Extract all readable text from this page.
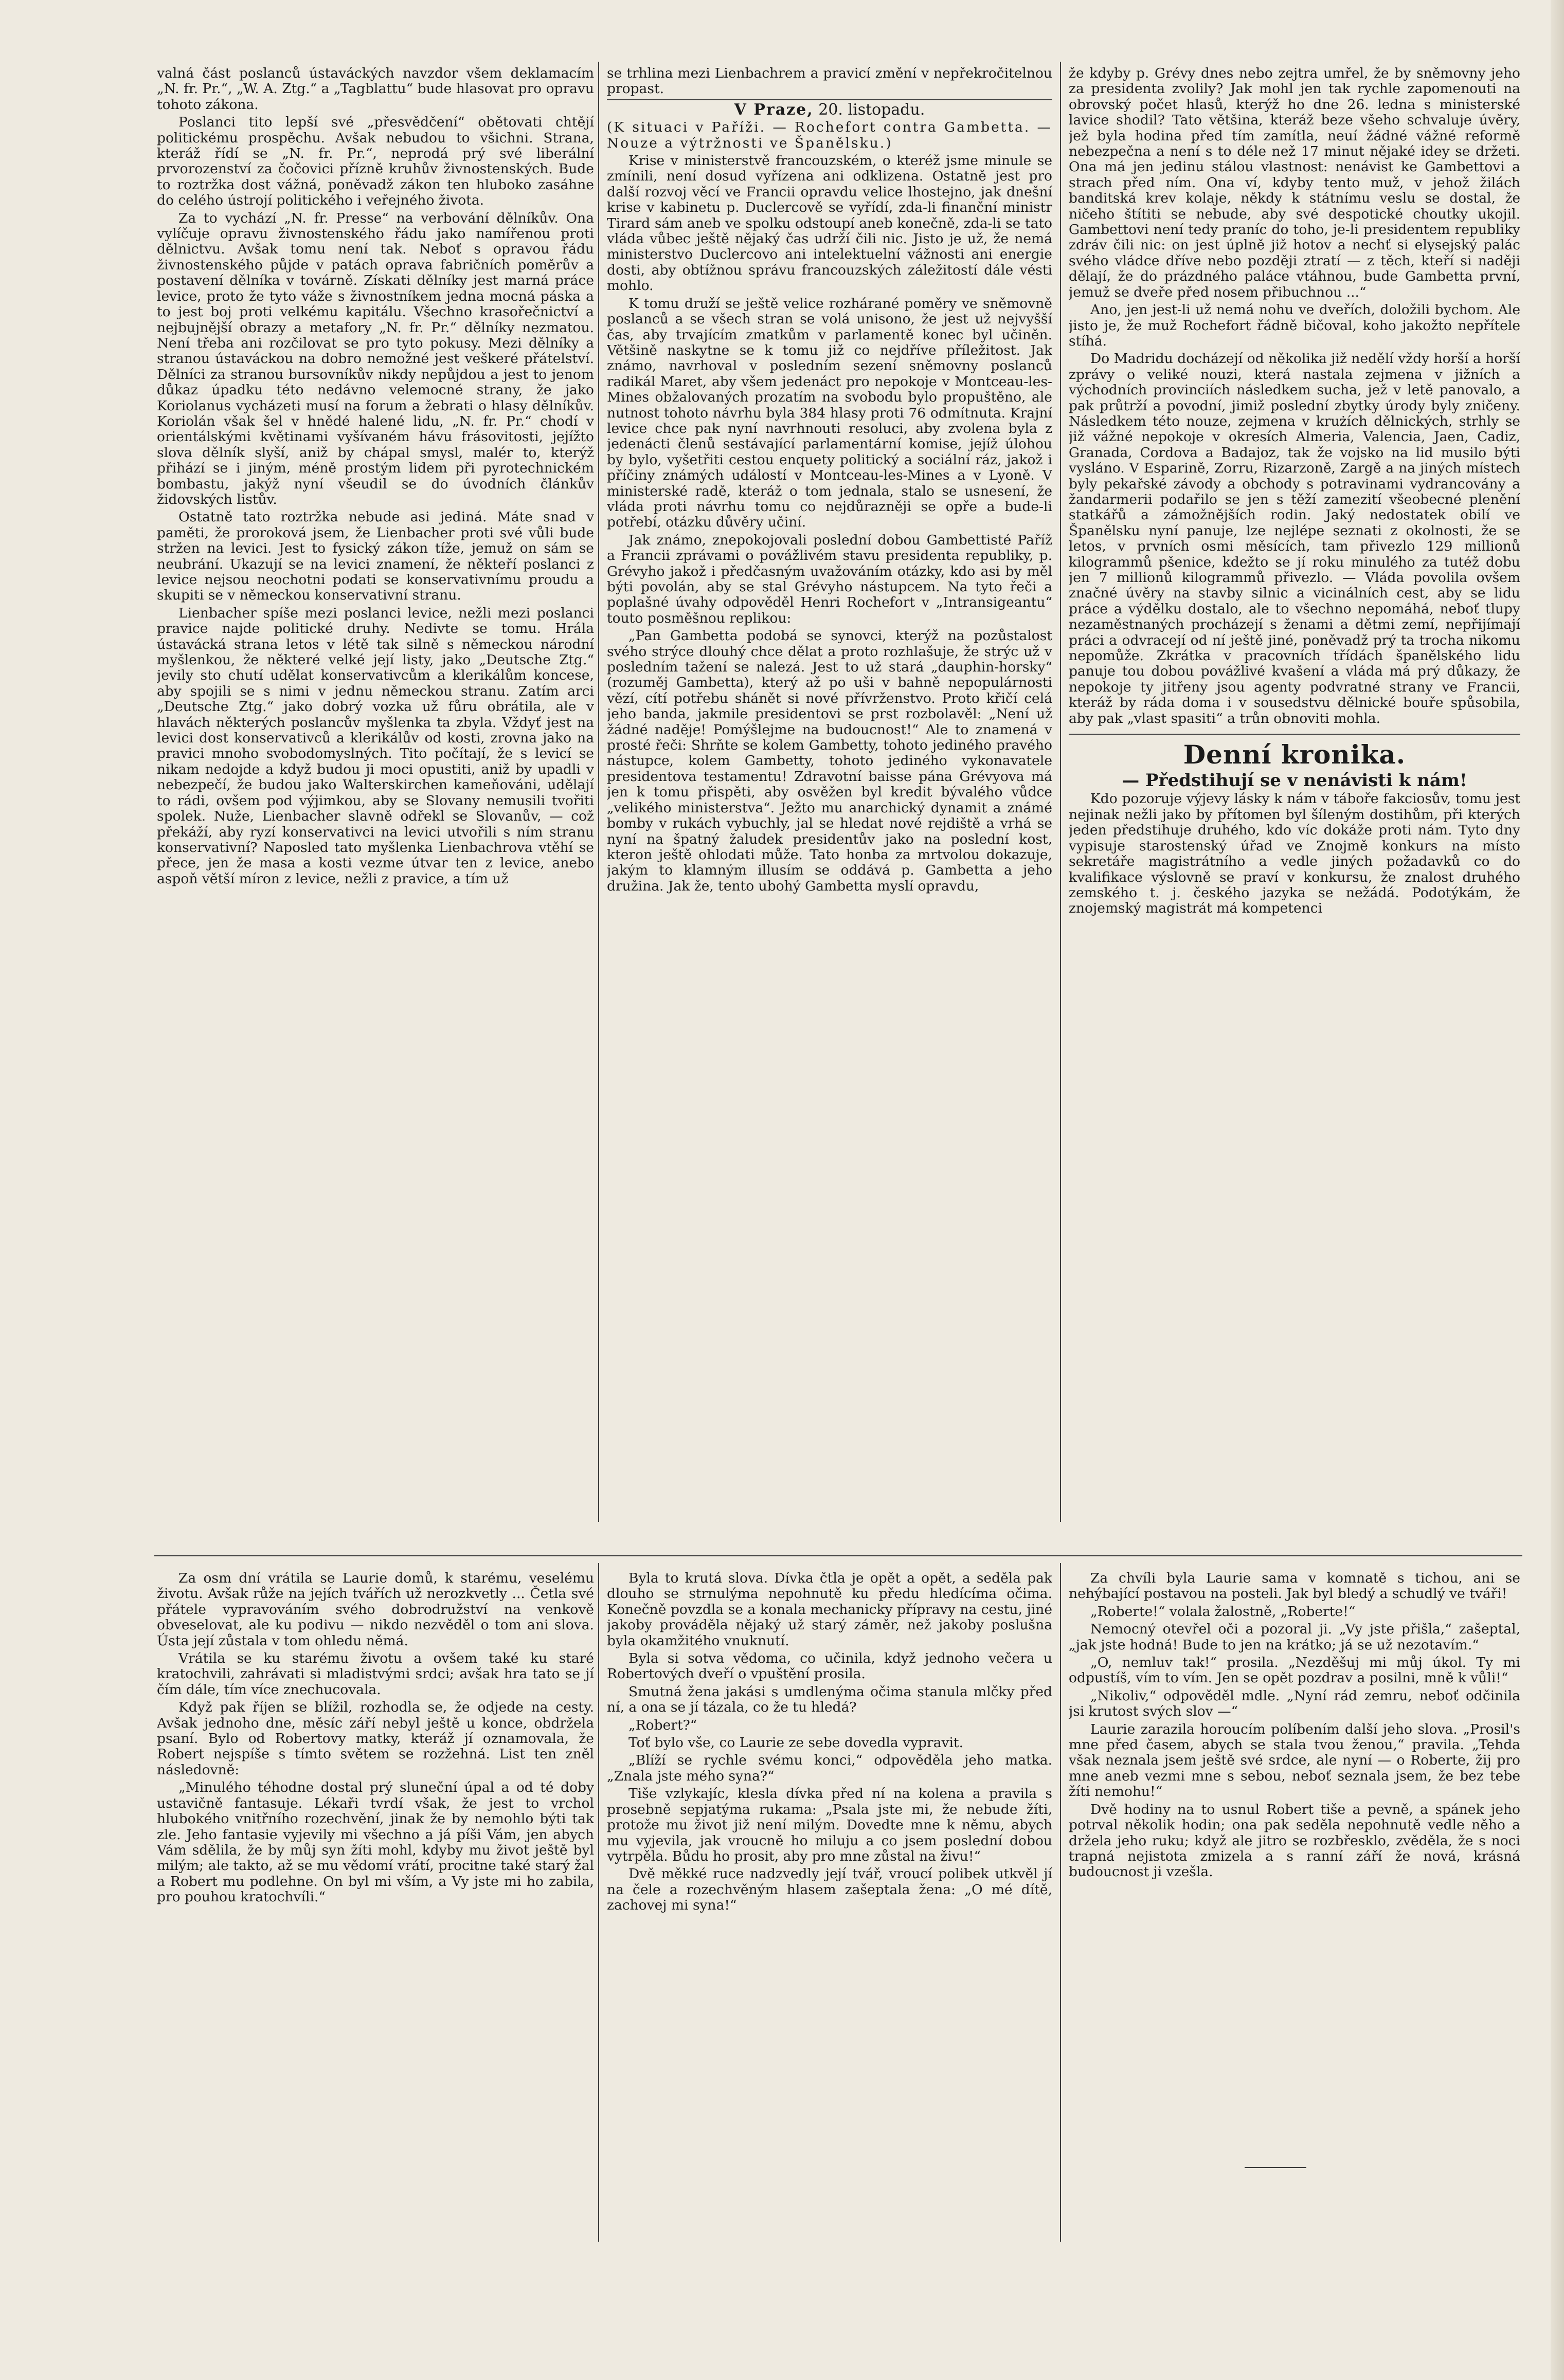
valná část poslanců ústaváckých navzdor všem deklamacím „N. fr. Pr.“, „W. A. Ztg.“ a „Tagblattu“ bude hlasovat pro opravu tohoto zákona.

Poslanci tito lepší své „přesvědčení“ obětovati chtějí politickému prospěchu. Avšak nebudou to všichni. Strana, kteráž řídí se „N. fr. Pr.“, neprodá prý své liberální prvorozenství za čočovici přízně kruhův živnostenských. Bude to roztržka dost vážná, poněvadž zákon ten hluboko zasáhne do celého ústrojí politického i veřejného života.

Za to vychází „N. fr. Presse“ na verbování dělníkův. Ona vylíčuje opravu živnostenského řádu jako namířenou proti dělnictvu. Avšak tomu není tak. Neboť s opravou řádu živnostenského půjde v patách oprava fabričních poměrův a postavení dělníka v továrně. Získati dělníky jest marná práce levice, proto že tyto váže s živnostníkem jedna mocná páska a to jest boj proti velkému kapitálu. Všechno krasořečnictví a nejbujnější obrazy a metafory „N. fr. Pr.“ dělníky nezmatou. Není třeba ani rozčilovat se pro tyto pokusy. Mezi dělníky a stranou ústaváckou na dobro nemožné jest veškeré přátelství. Dělníci za stranou bursovníkův nikdy nepůjdou a jest to jenom důkaz úpadku této nedávno velemocné strany, že jako Koriolanus vycházeti musí na forum a žebrati o hlasy dělníkův. Koriolán však šel v hnědé halené lidu, „N. fr. Pr.“ chodí v orientálskými květinami vyšívaném hávu frásovitosti, jejížto slova dělník slyší, aniž by chápal smysl, malér to, kterýž přihází se i jiným, méně prostým lidem při pyrotechnickém bombastu, jakýž nyní všeudil se do úvodních článkův židovských listův.

Ostatně tato roztržka nebude asi jediná. Máte snad v paměti, že proroková jsem, že Lienbacher proti své vůli bude stržen na levici. Jest to fysický zákon tíže, jemuž on sám se neubrání. Ukazují se na levici znamení, že někteří poslanci z levice nejsou neochotni podati se konservativnímu proudu a skupiti se v německou konservativní stranu.

Lienbacher spíše mezi poslanci levice, nežli mezi poslanci pravice najde politické druhy. Nedivte se tomu. Hrála ústavácká strana letos v létě tak silně s německou národní myšlenkou, že některé velké její listy, jako „Deutsche Ztg.“ jevily sto chutí udělat konservativcům a klerikálům koncese, aby spojili se s nimi v jednu německou stranu. Zatím arci „Deutsche Ztg.“ jako dobrý vozka už fůru obrátila, ale v hlavách některých poslancův myšlenka ta zbyla. Vždyť jest na levici dost konservativců a klerikálův od kosti, zrovna jako na pravici mnoho svobodomyslných. Tito počítají, že s levicí se nikam nedojde a když budou ji moci opustiti, aniž by upadli v nebezpečí, že budou jako Walterskirchen kameňováni, udělají to rádi, ovšem pod výjimkou, aby se Slovany nemusili tvořiti spolek. Nuže, Lienbacher slavně odřekl se Slovanův, — což překáží, aby ryzí konservativci na levici utvořili s ním stranu konservativní? Naposled tato myšlenka Lienbachrova vtěhí se přece, jen že masa a kosti vezme útvar ten z levice, anebo aspoň větší míron z levice, nežli z pravice, a tím už

se trhlina mezi Lienbachrem a pravicí změní v nepřekročitelnou propast.

V Praze, 20. listopadu.

(K situaci v Paříži. — Rochefort contra Gambetta. — Nouze a výtržnosti ve Španělsku.)

Krise v ministerstvě francouzském, o kteréž jsme minule se zmínili, není dosud vyřízena ani odklizena. Ostatně jest pro další rozvoj věcí ve Francii opravdu velice lhostejno, jak dnešní krise v kabinetu p. Duclercově se vyřídí, zda-li finanční ministr Tirard sám aneb ve spolku odstoupí aneb konečně, zda-li se tato vláda vůbec ještě nějaký čas udrží čili nic. Jisto je už, že nemá ministerstvo Duclercovo ani intelektuelní vážnosti ani energie dosti, aby obtížnou správu francouzských záležitostí dále vésti mohlo.

K tomu druží se ještě velice rozhárané poměry ve sněmovně poslanců a se všech stran se volá unisono, že jest už nejvyšší čas, aby trvajícím zmatkům v parlamentě konec byl učiněn. Většině naskytne se k tomu již co nejdříve příležitost. Jak známo, navrhoval v posledním sezení sněmovny poslanců radikál Maret, aby všem jedenáct pro nepokoje v Montceau-les-Mines obžalovaných prozatím na svobodu bylo propuštěno, ale nutnost tohoto návrhu byla 384 hlasy proti 76 odmítnuta. Krajní levice chce pak nyní navrhnouti resoluci, aby zvolena byla z jedenácti členů sestávající parlamentární komise, jejíž úlohou by bylo, vyšetřiti cestou enquety politický a sociální ráz, jakož i příčiny známých událostí v Montceau-les-Mines a v Lyoně. V ministerské radě, kteráž o tom jednala, stalo se usnesení, že vláda proti návrhu tomu co nejdůrazněji se opře a bude-li potřebí, otázku důvěry učiní.

Jak známo, znepokojovali poslední dobou Gambettisté Paříž a Francii zprávami o povážlivém stavu presidenta republiky, p. Grévyho jakož i předčasným uvažováním otázky, kdo asi by měl býti povolán, aby se stal Grévyho nástupcem. Na tyto řeči a poplašné úvahy odpověděl Henri Rochefort v „Intransigeantu“ touto posměšnou replikou:

„Pan Gambetta podobá se synovci, kterýž na pozůstalost svého strýce dlouhý chce dělat a proto rozhlašuje, že strýc už v posledním tažení se nalezá. Jest to už stará „dauphin-horsky“ (rozuměj Gambetta), který až po uši v bahně nepopulárnosti vězí, cítí potřebu shánět si nové přívrženstvo. Proto křičí celá jeho banda, jakmile presidentovi se prst rozbolavěl: „Není už žádné naděje! Pomýšlejme na budoucnost!“ Ale to znamená v prosté řeči: Shrňte se kolem Gambetty, tohoto jediného pravého nástupce, kolem Gambetty, tohoto jediného vykonavatele presidentova testamentu! Zdravotní baisse pána Grévyova má jen k tomu přispěti, aby osvěžen byl kredit bývalého vůdce „velikého ministerstva“. Ježto mu anarchický dynamit a známé bomby v rukách vybuchly, jal se hledat nové rejdiště a vrhá se nyní na špatný žaludek presidentův jako na poslední kost, kteron ještě ohlodati může. Tato honba za mrtvolou dokazuje, jakým to klamným illusím se oddává p. Gambetta a jeho družina. Jak že, tento ubohý Gambetta myslí opravdu,

že kdyby p. Grévy dnes nebo zejtra umřel, že by sněmovny jeho za presidenta zvolily? Jak mohl jen tak rychle zapomenouti na obrovský počet hlasů, kterýž ho dne 26. ledna s ministerské lavice shodil? Tato většina, kteráž beze všeho schvaluje úvěry, jež byla hodina před tím zamítla, neuí žádné vážné reformě nebezpečna a není s to déle než 17 minut nějaké idey se držeti. Ona má jen jedinu stálou vlastnost: nenávist ke Gambettovi a strach před ním. Ona ví, kdyby tento muž, v jehož žilách banditská krev kolaje, někdy k státnímu veslu se dostal, že ničeho štítiti se nebude, aby své despotické choutky ukojil. Gambettovi není tedy praníc do toho, je-li presidentem republiky zdráv čili nic: on jest úplně již hotov a nechť si elysejský palác svého vládce dříve nebo později ztratí — z těch, kteří si naději dělají, že do prázdného paláce vtáhnou, bude Gambetta první, jemuž se dveře před nosem přibuchnou ...“

Ano, jen jest-li už nemá nohu ve dveřích, doložili bychom. Ale jisto je, že muž Rochefort řádně bičoval, koho jakožto nepřítele stíhá.

Do Madridu docházejí od několika již nedělí vždy horší a horší zprávy o veliké nouzi, která nastala zejmena v jižních a východních provinciích následkem sucha, jež v letě panovalo, a pak průtrží a povodní, jimiž poslední zbytky úrody byly zničeny. Následkem této nouze, zejmena v krużích dělnických, strhly se již vážné nepokoje v okresích Almeria, Valencia, Jaen, Cadiz, Granada, Cordova a Badajoz, tak že vojsko na lid musilo býti vysláno. V Esparině, Zorru, Rizarzoně, Zargě a na jiných místech byly pekařské závody a obchody s potravinami vydrancovány a žandarmerii podařilo se jen s těží zamezití všeobecné plenění statkářů a zámožnějších rodin. Jaký nedostatek obilí ve Španělsku nyní panuje, lze nejlépe seznati z okolnosti, že se letos, v prvních osmi měsících, tam přivezlo 129 millionů kilogrammů pšenice, kdežto se jí roku minulého za tutéž dobu jen 7 millionů kilogrammů přivezlo. — Vláda povolila ovšem značné úvěry na stavby silnic a vicinálních cest, aby se lidu práce a výdělku dostalo, ale to všechno nepomáhá, neboť tlupy nezaměstnaných procházejí s ženami a dětmi zemí, nepřijímají práci a odvracejí od ní ještě jiné, poněvadž prý ta trocha nikomu nepomůže. Zkrátka v pracovních třídách španělského lidu panuje tou dobou povážlivé kvašení a vláda má prý důkazy, že nepokoje ty jitřeny jsou agenty podvratné strany ve Francii, kteráž by ráda doma i v sousedstvu dělnické bouře spůsobila, aby pak „vlast spasiti“ a trůn obnoviti mohla.

Denní kronika.

— Předstihují se v nenávisti k nám!

Kdo pozoruje výjevy lásky k nám v táboře fakciosův, tomu jest nejinak nežli jako by přítomen byl šíleným dostihům, při kterých jeden předstihuje druhého, kdo víc dokáže proti nám. Tyto dny vypisuje starostenský úřad ve Znojmě konkurs na místo sekretáře magistrátního a vedle jiných požadavků co do kvalifikace výslovně se praví v konkursu, že znalost druhého zemského t. j. českého jazyka se nežádá. Podotýkám, že znojemský magistrát má kompetenci

Za osm dní vrátila se Laurie domů, k starému, veselému životu. Avšak růže na jejích tvářích už nerozkvetly ... Četla své přátele vypravováním svého dobrodružství na venkově obveselovat, ale ku podivu — nikdo nezvěděl o tom ani slova. Ústa její zůstala v tom ohledu němá.

Vrátila se ku starému životu a ovšem také ku staré kratochvili, zahrávati si mladistvými srdci; avšak hra tato se jí čím dále, tím více znechucovala.

Když pak říjen se blížil, rozhodla se, že odjede na cesty. Avšak jednoho dne, měsíc září nebyl ještě u konce, obdržela psaní. Bylo od Robertovy matky, kteráž jí oznamovala, že Robert nejspíše s tímto světem se rozžehná. List ten zněl následovně:

„Minulého téhodne dostal prý sluneční úpal a od té doby ustavičně fantasuje. Lékaři tvrdí však, že jest to vrchol hlubokého vnitřního rozechvění, jinak že by nemohlo býti tak zle. Jeho fantasie vyjevily mi všechno a já píši Vám, jen abych Vám sdělila, že by můj syn žíti mohl, kdyby mu život ještě byl milým; ale takto, až se mu vědomí vrátí, procitne také starý žal a Robert mu podlehne. On byl mi vším, a Vy jste mi ho zabila, pro pouhou kratochvíli.“

Byla to krutá slova. Dívka čtla je opět a opět, a seděla pak dlouho se strnulýma nepohnutě ku předu hledícíma očima. Konečně povzdla se a konala mechanicky přípravy na cestu, jiné jakoby prováděla nějaký už starý záměr, než jakoby poslušna byla okamžitého vnuknutí.

Byla si sotva vědoma, co učinila, když jednoho večera u Robertových dveří o vpuštění prosila.

Smutná žena jakási s umdlenýma očima stanula mlčky před ní, a ona se jí tázala, co že tu hledá?

„Robert?“

Toť bylo vše, co Laurie ze sebe dovedla vypravit.

„Blíží se rychle svému konci,“ odpověděla jeho matka. „Znala jste mého syna?“

Tiše vzlykajíc, klesla dívka před ní na kolena a pravila s prosebně sepjatýma rukama: „Psala jste mi, že nebude žíti, protože mu život již není milým. Dovedte mne k němu, abych mu vyjevila, jak vroucně ho miluju a co jsem poslední dobou vytrpěla. Bůdu ho prosit, aby pro mne zůstal na živu!“

Dvě měkké ruce nadzvedly její tvář, vroucí polibek utkvěl jí na čele a rozechvěným hlasem zašeptala žena: „O mé dítě, zachovej mi syna!“

Za chvíli byla Laurie sama v komnatě s tichou, ani se nehýbající postavou na posteli. Jak byl bledý a schudlý ve tváři!

„Roberte!“ volala žalostně, „Roberte!“

Nemocný otevřel oči a pozoral ji. „Vy jste přišla,“ zašeptal, „jak jste hodná! Bude to jen na krátko; já se už nezotavím.“

„O, nemluv tak!“ prosila. „Nezděšuj mi můj úkol. Ty mi odpustíš, vím to vím. Jen se opět pozdrav a posilni, mně k vůli!“

„Nikoliv,“ odpověděl mdle. „Nyní rád zemru, neboť odčinila jsi krutost svých slov —“

Laurie zarazila horoucím políbením další jeho slova. „Prosil's mne před časem, abych se stala tvou ženou,“ pravila. „Tehda však neznala jsem ještě své srdce, ale nyní — o Roberte, žij pro mne aneb vezmi mne s sebou, neboť seznala jsem, že bez tebe žíti nemohu!“

Dvě hodiny na to usnul Robert tiše a pevně, a spánek jeho potrval několik hodin; ona pak seděla nepohnutě vedle něho a držela jeho ruku; když ale jitro se rozbřesklo, zvěděla, že s noci trapná nejistota zmizela a s ranní září že nová, krásná budoucnost ji vzešla.
